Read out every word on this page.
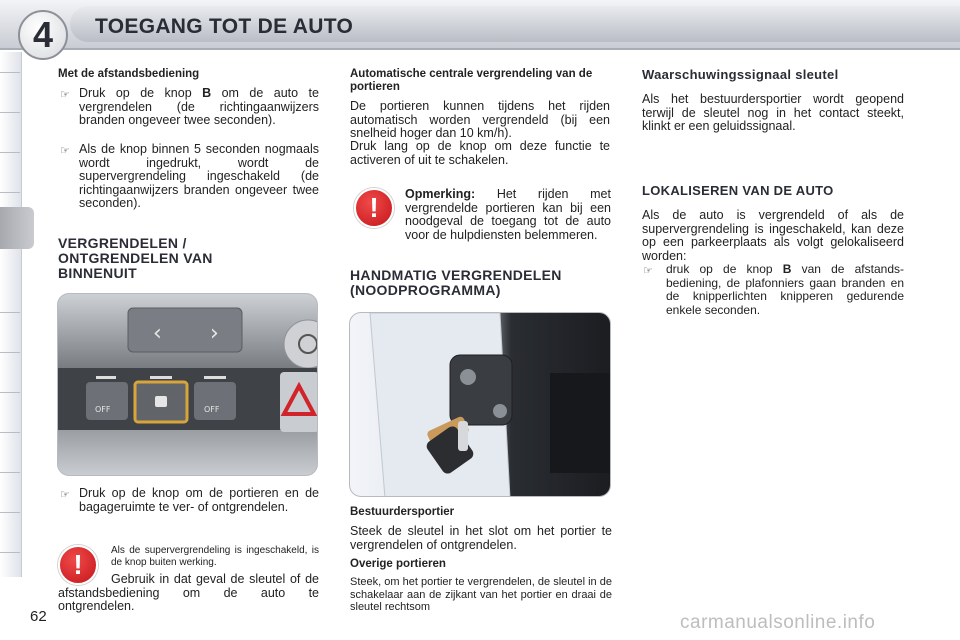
4 TOEGANG TOT DE AUTO
Met de afstandsbediening
☞ Druk op de knop B om de auto te vergrendelen (de richtingaanwijzers branden ongeveer twee seconden).
☞ Als de knop binnen 5 seconden nogmaals wordt ingedrukt, wordt de supervergrendeling ingeschakeld (de richtingaanwijzers branden ongeveer twee seconden).
VERGRENDELEN / ONTGRENDELEN VAN BINNENUIT
‹ ›
OFF	OFF
☞ Druk op de knop om de portieren en de bagageruimte te ver- of ontgrendelen.
!	Als de supervergrendeling is ingeschakeld, is de knop buiten werking.
Gebruik in dat geval de sleutel of de afstandsbediening om de auto te ontgrendelen.
62
Automatische centrale vergrendeling van de portieren
De portieren kunnen tijdens het rijden automatisch worden vergrendeld (bij een snelheid hoger dan 10 km/h).
Druk lang op de knop om deze functie te activeren of uit te schakelen.
!	Opmerking: Het rijden met vergrendelde portieren kan bij een noodgeval de toegang tot de auto voor de hulpdiensten belemmeren.
HANDMATIG VERGRENDELEN (NOODPROGRAMMA)
Bestuurdersportier
Steek de sleutel in het slot om het portier te vergrendelen of ontgrendelen.
Overige portieren
Steek, om het portier te vergrendelen, de sleutel in de schakelaar aan de zijkant van het portier en draai de sleutel rechtsom
Waarschuwingssignaal sleutel
Als het bestuurdersportier wordt geopend terwijl de sleutel nog in het contact steekt, klinkt er een geluidssignaal.
LOKALISEREN VAN DE AUTO
Als de auto is vergrendeld of als de supervergrendeling is ingeschakeld, kan deze op een parkeerplaats als volgt gelokaliseerd worden:
☞ druk op de knop B van de afstands- bediening, de plafonniers gaan branden en de knipperlichten knipperen gedurende enkele seconden.
carmanualsonline.info
